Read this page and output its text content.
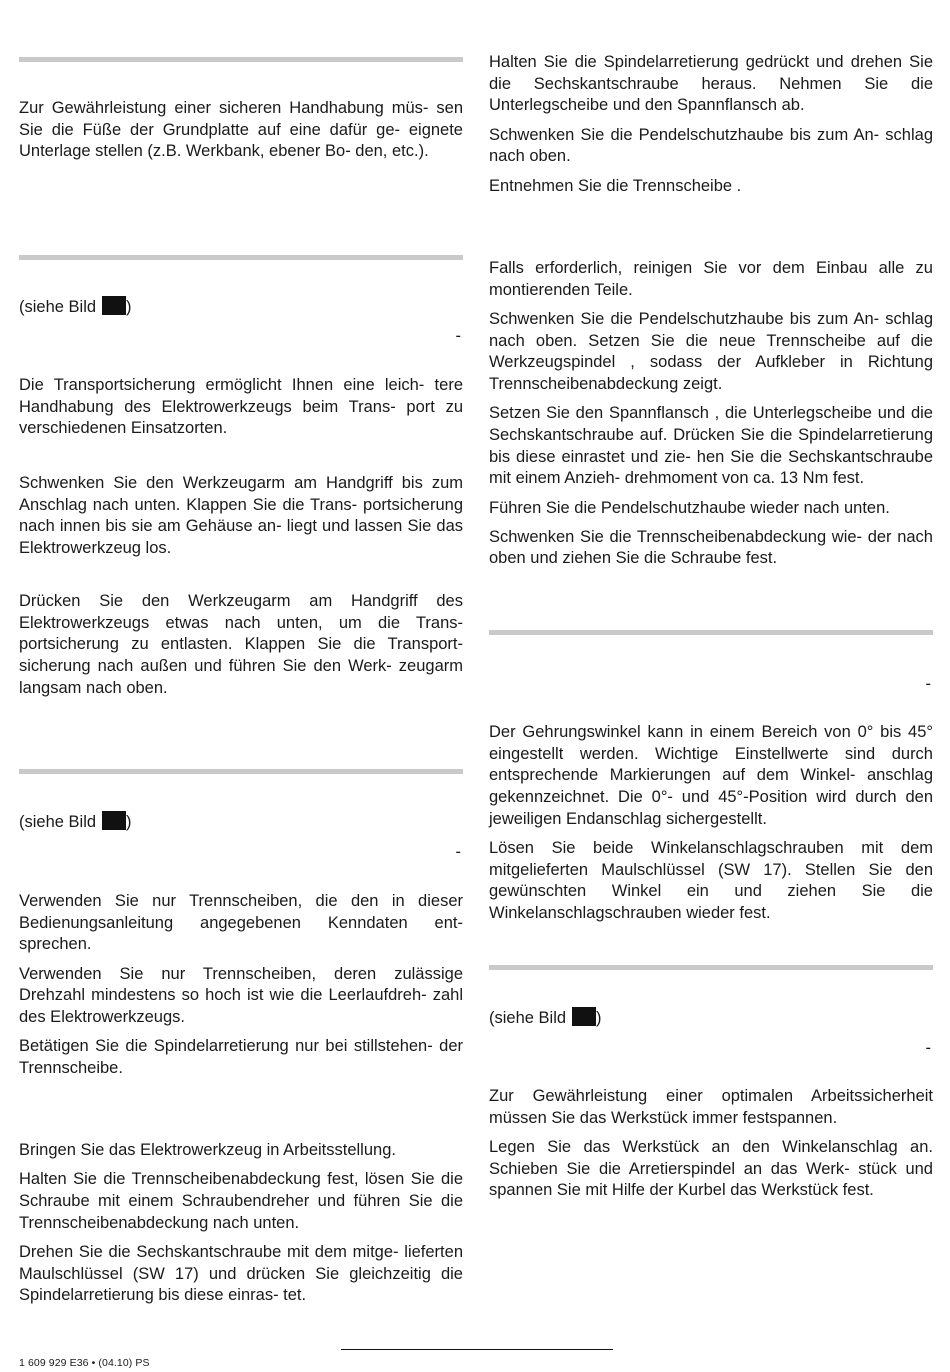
Zur Gewährleistung einer sicheren Handhabung müs- sen Sie die Füße der Grundplatte auf eine dafür ge- eignete Unterlage stellen (z.B. Werkbank, ebener Bo- den, etc.).

(siehe Bild )
-

Die Transportsicherung ermöglicht Ihnen eine leich- tere Handhabung des Elektrowerkzeugs beim Trans- port zu verschiedenen Einsatzorten.

Schwenken Sie den Werkzeugarm am Handgriff bis zum Anschlag nach unten. Klappen Sie die Trans- portsicherung nach innen bis sie am Gehäuse an- liegt und lassen Sie das Elektrowerkzeug los.

Drücken Sie den Werkzeugarm am Handgriff des Elektrowerkzeugs etwas nach unten, um die Trans- portsicherung zu entlasten. Klappen Sie die Transport- sicherung nach außen und führen Sie den Werk- zeugarm langsam nach oben.

(siehe Bild )
-

Verwenden Sie nur Trennscheiben, die den in dieser Bedienungsanleitung angegebenen Kenndaten ent- sprechen.

Verwenden Sie nur Trennscheiben, deren zulässige Drehzahl mindestens so hoch ist wie die Leerlaufdreh- zahl des Elektrowerkzeugs.

Betätigen Sie die Spindelarretierung nur bei stillstehen- der Trennscheibe.

Bringen Sie das Elektrowerkzeug in Arbeitsstellung.

Halten Sie die Trennscheibenabdeckung fest, lösen Sie die Schraube mit einem Schraubendreher und führen Sie die Trennscheibenabdeckung nach unten.

Drehen Sie die Sechskantschraube mit dem mitge- lieferten Maulschlüssel (SW 17) und drücken Sie gleichzeitig die Spindelarretierung bis diese einras- tet.

Halten Sie die Spindelarretierung gedrückt und drehen Sie die Sechskantschraube heraus. Nehmen Sie die Unterlegscheibe und den Spannflansch ab.

Schwenken Sie die Pendelschutzhaube bis zum An- schlag nach oben.

Entnehmen Sie die Trennscheibe .

Falls erforderlich, reinigen Sie vor dem Einbau alle zu montierenden Teile.

Schwenken Sie die Pendelschutzhaube bis zum An- schlag nach oben. Setzen Sie die neue Trennscheibe auf die Werkzeugspindel , sodass der Aufkleber in Richtung Trennscheibenabdeckung zeigt.

Setzen Sie den Spannflansch , die Unterlegscheibe und die Sechskantschraube auf. Drücken Sie die Spindelarretierung bis diese einrastet und zie- hen Sie die Sechskantschraube mit einem Anzieh- drehmoment von ca. 13 Nm fest.

Führen Sie die Pendelschutzhaube wieder nach unten.

Schwenken Sie die Trennscheibenabdeckung wie- der nach oben und ziehen Sie die Schraube fest.

-

Der Gehrungswinkel kann in einem Bereich von 0° bis 45° eingestellt werden. Wichtige Einstellwerte sind durch entsprechende Markierungen auf dem Winkel- anschlag gekennzeichnet. Die 0°- und 45°-Position wird durch den jeweiligen Endanschlag sichergestellt.

Lösen Sie beide Winkelanschlagschrauben mit dem mitgelieferten Maulschlüssel (SW 17). Stellen Sie den gewünschten Winkel ein und ziehen Sie die Winkelanschlagschrauben wieder fest.

(siehe Bild )
-

Zur Gewährleistung einer optimalen Arbeitssicherheit müssen Sie das Werkstück immer festspannen.

Legen Sie das Werkstück an den Winkelanschlag an. Schieben Sie die Arretierspindel an das Werk- stück und spannen Sie mit Hilfe der Kurbel das Werkstück fest.

1 609 929 E36 • (04.10) PS
